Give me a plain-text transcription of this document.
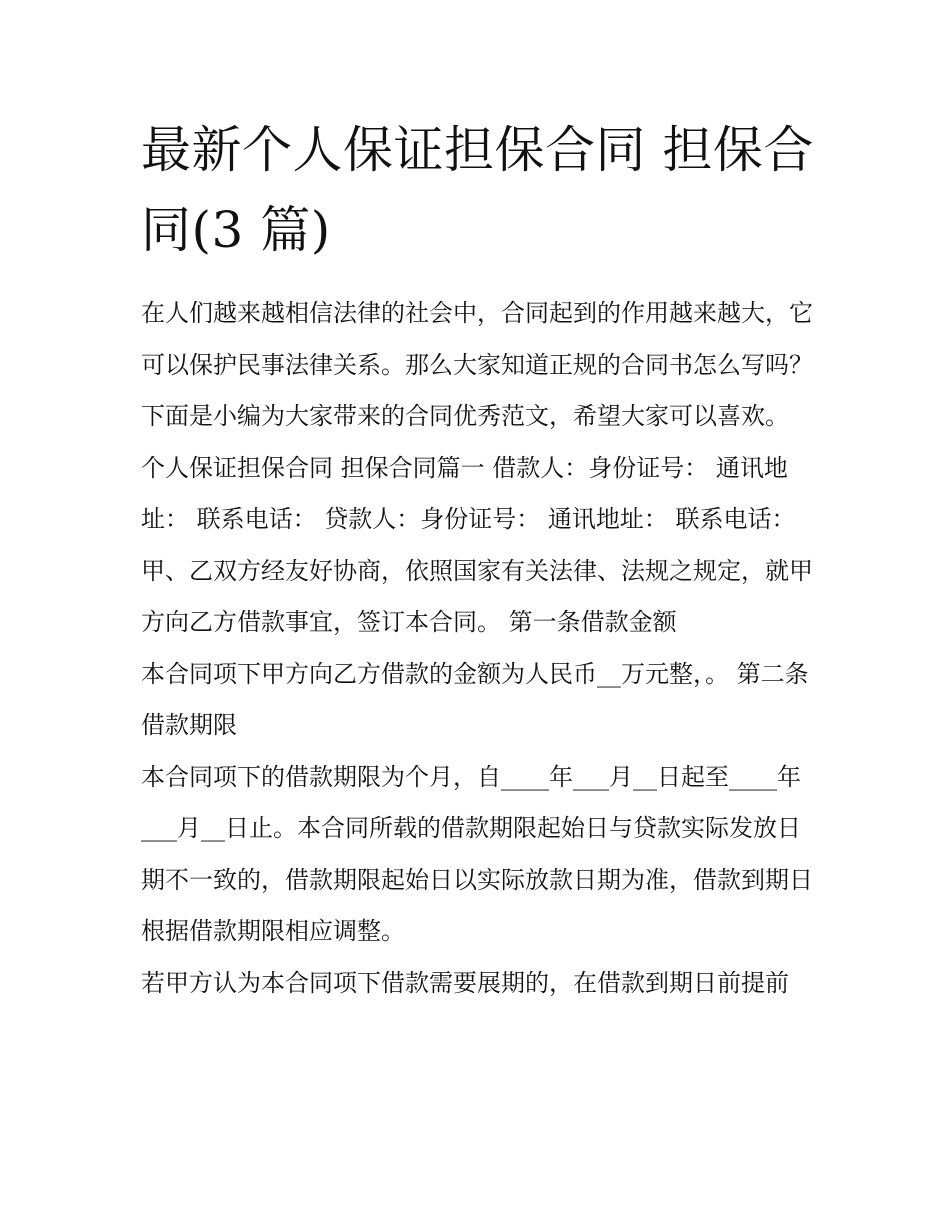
最新个人保证担保合同 担保合
同(3 篇)

在人们越来越相信法律的社会中，合同起到的作用越来越大，它可以保护民事法律关系。那么大家知道正规的合同书怎么写吗？下面是小编为大家带来的合同优秀范文，希望大家可以喜欢。

个人保证担保合同 担保合同篇一 借款人：身份证号： 通讯地址： 联系电话： 贷款人：身份证号： 通讯地址： 联系电话：

甲、乙双方经友好协商，依照国家有关法律、法规之规定，就甲方向乙方借款事宜，签订本合同。 第一条借款金额

本合同项下甲方向乙方借款的金额为人民币__万元整，。 第二条借款期限

本合同项下的借款期限为个月，自____年___月__日起至____年___月__日止。本合同所载的借款期限起始日与贷款实际发放日期不一致的，借款期限起始日以实际放款日期为准，借款到期日根据借款期限相应调整。

若甲方认为本合同项下借款需要展期的，在借款到期日前提前
